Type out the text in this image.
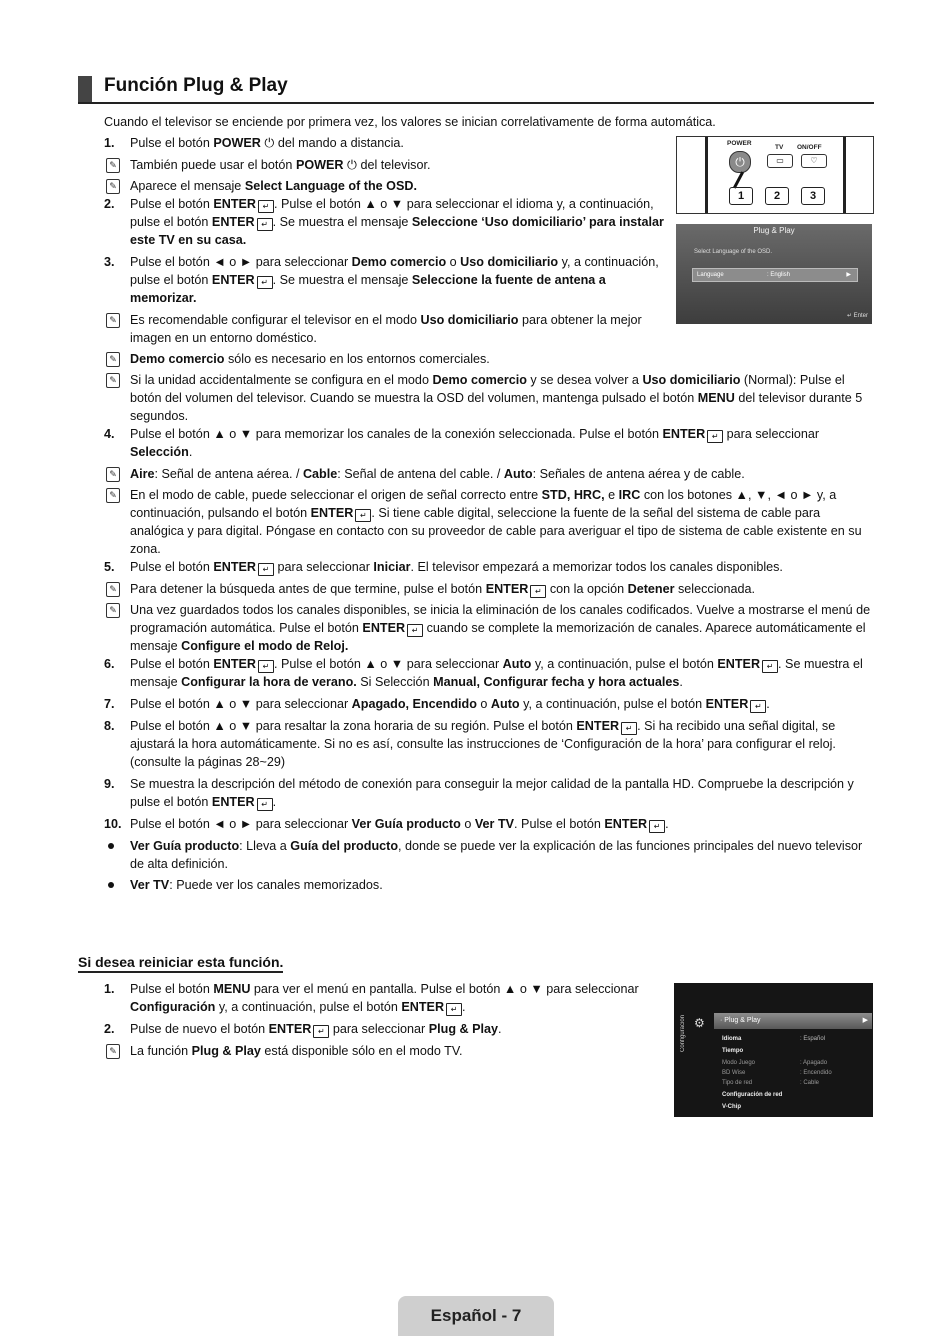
Función Plug & Play
Cuando el televisor se enciende por primera vez, los valores se inician correlativamente de forma automática.
1.	Pulse el botón POWER ⏻ del mando a distancia.
✎ También puede usar el botón POWER ⏻ del televisor.
✎ Aparece el mensaje Select Language of the OSD.
2.	Pulse el botón ENTER ↵ . Pulse el botón ▲ o ▼ para seleccionar el idioma y, a continuación, pulse el botón ENTER ↵ . Se muestra el mensaje Seleccione ‘Uso domiciliario’ para instalar este TV en su casa.
3.	Pulse el botón ◄ o ► para seleccionar Demo comercio o Uso domiciliario y, a continuación, pulse el botón ENTER ↵ . Se muestra el mensaje Seleccione la fuente de antena a memorizar.
✎ Es recomendable configurar el televisor en el modo Uso domiciliario para obtener la mejor imagen en un entorno doméstico.
✎ Demo comercio sólo es necesario en los entornos comerciales.
✎ Si la unidad accidentalmente se configura en el modo Demo comercio y se desea volver a Uso domiciliario (Normal): Pulse el botón del volumen del televisor. Cuando se muestra la OSD del volumen, mantenga pulsado el botón MENU del televisor durante 5 segundos.
4.	Pulse el botón ▲ o ▼ para memorizar los canales de la conexión seleccionada. Pulse el botón ENTER ↵ para seleccionar Selección.
✎ Aire: Señal de antena aérea. / Cable: Señal de antena del cable. / Auto: Señales de antena aérea y de cable.
✎ En el modo de cable, puede seleccionar el origen de señal correcto entre STD, HRC, e IRC con los botones ▲, ▼, ◄ o ► y, a continuación, pulsando el botón ENTER ↵ . Si tiene cable digital, seleccione la fuente de la señal del sistema de cable para analógica y para digital. Póngase en contacto con su proveedor de cable para averiguar el tipo de sistema de cable existente en su zona.
5.	Pulse el botón ENTER ↵ para seleccionar Iniciar. El televisor empezará a memorizar todos los canales disponibles.
✎ Para detener la búsqueda antes de que termine, pulse el botón ENTER ↵ con la opción Detener seleccionada.
✎ Una vez guardados todos los canales disponibles, se inicia la eliminación de los canales codificados. Vuelve a mostrarse el menú de programación automática. Pulse el botón ENTER ↵ cuando se complete la memorización de canales. Aparece automáticamente el mensaje Configure el modo de Reloj.
6.	Pulse el botón ENTER ↵ . Pulse el botón ▲ o ▼ para seleccionar Auto y, a continuación, pulse el botón ENTER ↵ . Se muestra el mensaje Configurar la hora de verano. Si Selección Manual, Configurar fecha y hora actuales.
7.	Pulse el botón ▲ o ▼ para seleccionar Apagado, Encendido o Auto y, a continuación, pulse el botón ENTER ↵ .
8.	Pulse el botón ▲ o ▼ para resaltar la zona horaria de su región. Pulse el botón ENTER ↵ . Si ha recibido una señal digital, se ajustará la hora automáticamente. Si no es así, consulte las instrucciones de ‘Configuración de la hora’ para configurar el reloj. (consulte la páginas 28~29)
9.	Se muestra la descripción del método de conexión para conseguir la mejor calidad de la pantalla HD. Compruebe la descripción y pulse el botón ENTER ↵ .
10. Pulse el botón ◄ o ► para seleccionar Ver Guía producto o Ver TV. Pulse el botón ENTER ↵ .
Ver Guía producto: Lleva a Guía del producto, donde se puede ver la explicación de las funciones principales del nuevo televisor de alta definición.
Ver TV: Puede ver los canales memorizados.
POWER
⏻
TV ON/OFF
▭	♡
1	2	3
Plug & Play
Select Language of the OSD.
Language	: English	▶
↵ Enter
Si desea reiniciar esta función.
1.	Pulse el botón MENU para ver el menú en pantalla. Pulse el botón ▲ o ▼ para seleccionar Configuración y, a continuación, pulse el botón ENTER ↵ .
2.	Pulse de nuevo el botón ENTER ↵ para seleccionar Plug & Play.
✎ La función Plug & Play está disponible sólo en el modo TV.	Configuración ⚙ · Plug & Play	▶
Idioma	: Español
Tiempo
Modo Juego	: Apagado
BD Wise	: Encendido
Tipo de red	: Cable
Configuración de red
V-Chip
Español - 7
